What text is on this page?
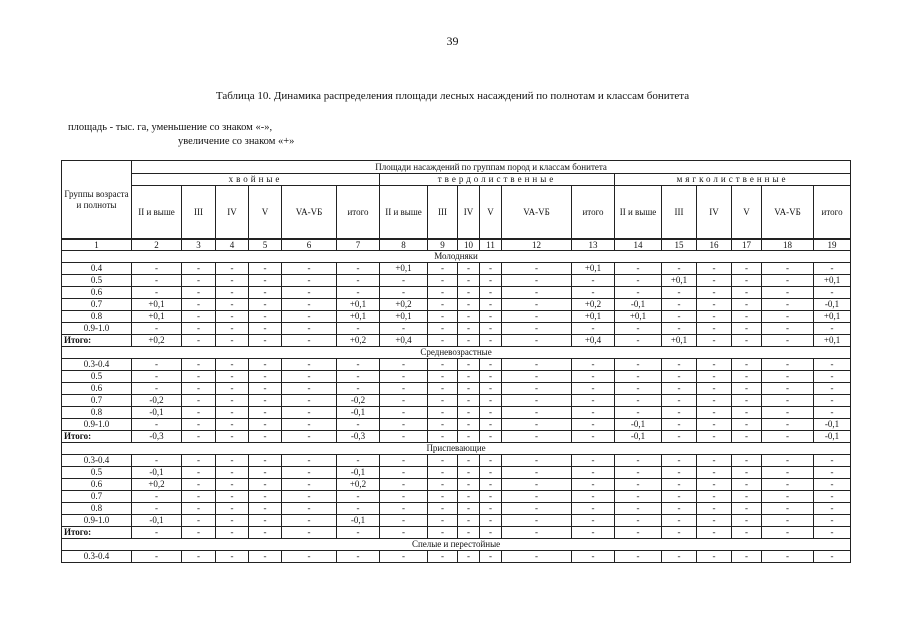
39
Таблица 10. Динамика распределения площади лесных насаждений по полнотам и классам бонитета
площадь - тыс. га, уменьшение со знаком «-»,
увеличение со знаком «+»
Группы возраста и полноты	Площади насаждений по группам пород и классам бонитета																	
	хвойные						твердолиственные						мягколиственные					
	II и выше	III	IV	V	VA-VБ	итого	II и выше	III	IV	V	VA-VБ	итого	II и выше	III	IV	V	VA-VБ	итого
1	2	3	4	5	6	7	8	9	10	11	12	13	14	15	16	17	18	19
Молодняки																		
0.4	-	-	-	-	-	-	+0,1	-	-	-	-	+0,1	-	-	-	-	-	-
0.5	-	-	-	-	-	-	-	-	-	-	-	-	-	+0,1	-	-	-	+0,1
0.6	-	-	-	-	-	-	-	-	-	-	-	-	-	-	-	-	-	-
0.7	+0,1	-	-	-	-	+0,1	+0,2	-	-	-	-	+0,2	-0,1	-	-	-	-	-0,1
0.8	+0,1	-	-	-	-	+0,1	+0,1	-	-	-	-	+0,1	+0,1	-	-	-	-	+0,1
0.9-1.0	-	-	-	-	-	-	-	-	-	-	-	-	-	-	-	-	-	-
Итого:	+0,2	-	-	-	-	+0,2	+0,4	-	-	-	-	+0,4	-	+0,1	-	-	-	+0,1
Средневозрастные																		
0.3-0.4	-	-	-	-	-	-	-	-	-	-	-	-	-	-	-	-	-	-
0.5	-	-	-	-	-	-	-	-	-	-	-	-	-	-	-	-	-	-
0.6	-	-	-	-	-	-	-	-	-	-	-	-	-	-	-	-	-	-
0.7	-0,2	-	-	-	-	-0,2	-	-	-	-	-	-	-	-	-	-	-	-
0.8	-0,1	-	-	-	-	-0,1	-	-	-	-	-	-	-	-	-	-	-	-
0.9-1.0	-	-	-	-	-	-	-	-	-	-	-	-	-0,1	-	-	-	-	-0,1
Итого:	-0,3	-	-	-	-	-0,3	-	-	-	-	-	-	-0,1	-	-	-	-	-0,1
Приспевающие																		
0.3-0.4	-	-	-	-	-	-	-	-	-	-	-	-	-	-	-	-	-	-
0.5	-0,1	-	-	-	-	-0,1	-	-	-	-	-	-	-	-	-	-	-	-
0.6	+0,2	-	-	-	-	+0,2	-	-	-	-	-	-	-	-	-	-	-	-
0.7	-	-	-	-	-	-	-	-	-	-	-	-	-	-	-	-	-	-
0.8	-	-	-	-	-	-	-	-	-	-	-	-	-	-	-	-	-	-
0.9-1.0	-0,1	-	-	-	-	-0,1	-	-	-	-	-	-	-	-	-	-	-	-
Итого:	-	-	-	-	-	-	-	-	-	-	-	-	-	-	-	-	-	-
Спелые и перестойные																		
0.3-0.4	-	-	-	-	-	-	-	-	-	-	-	-	-	-	-	-	-	-
